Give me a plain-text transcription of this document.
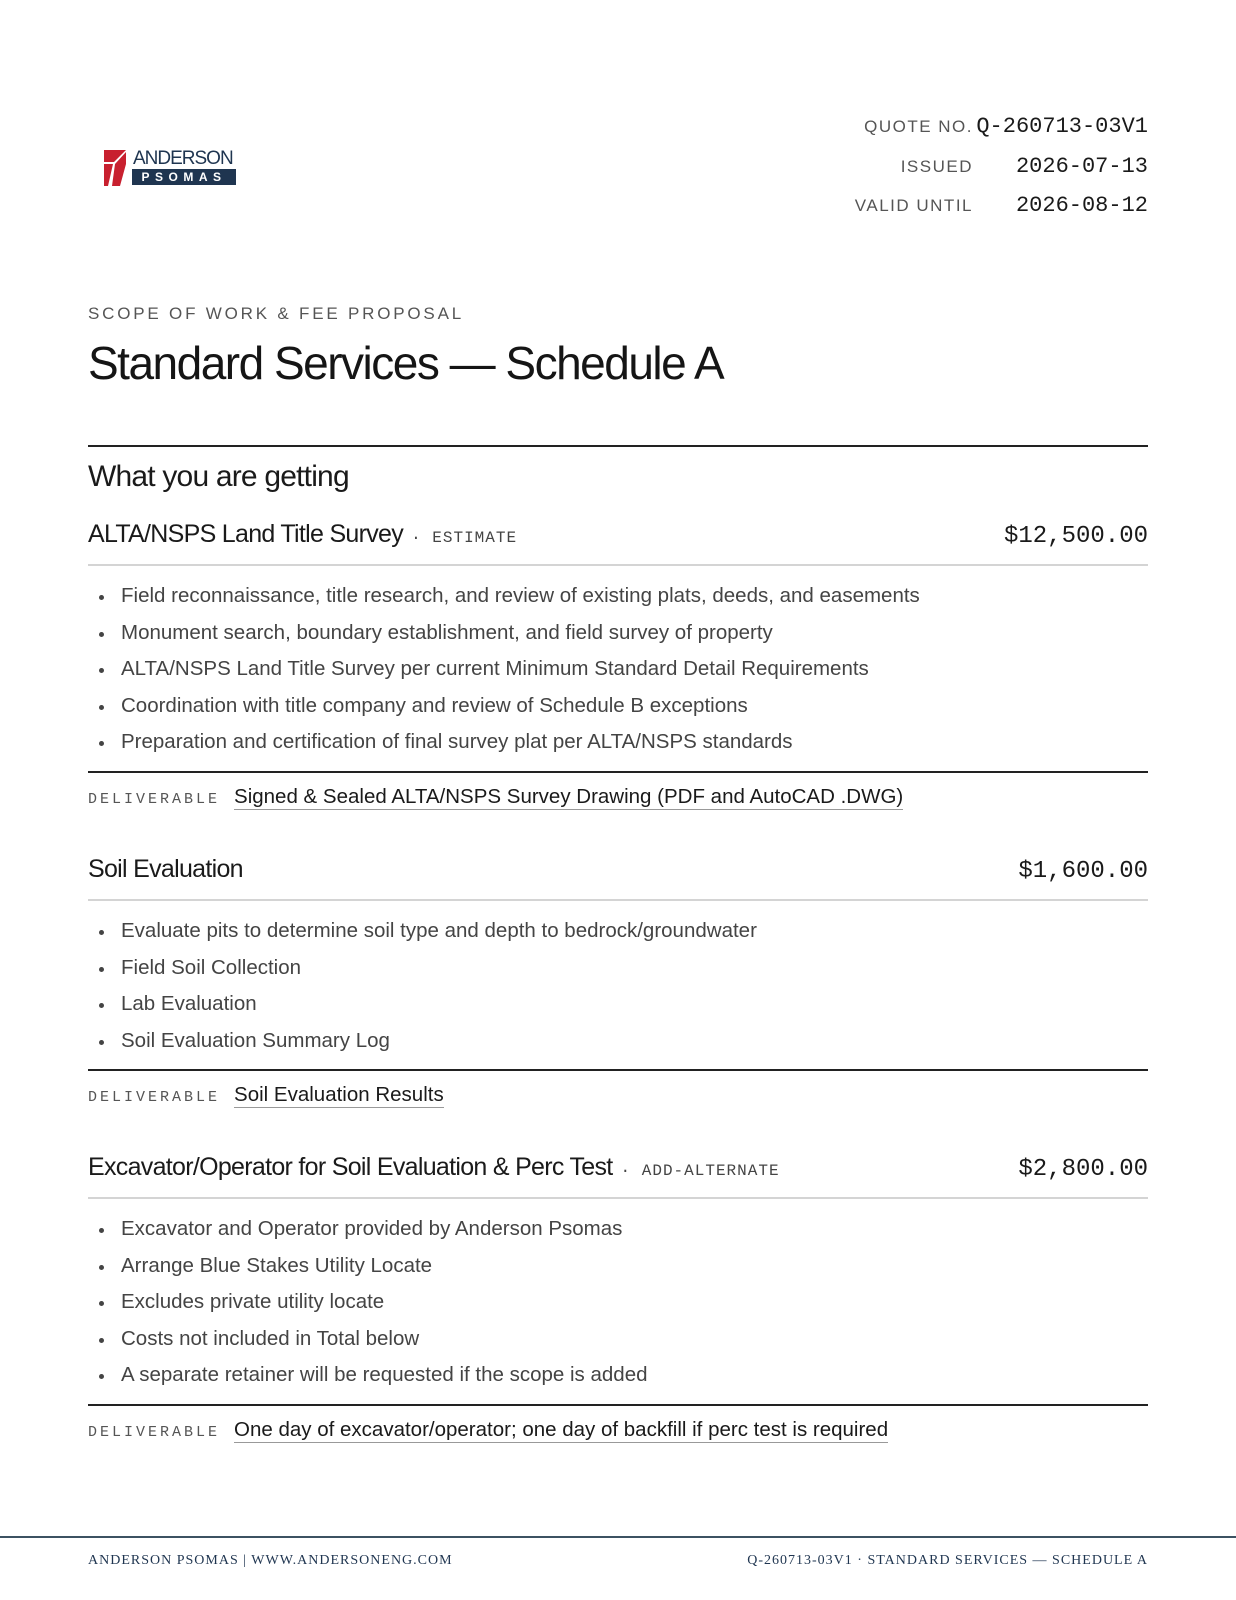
ANDERSON
PSOMAS
QUOTE NO. Q-260713-03V1
ISSUED	2026-07-13
VALID UNTIL	2026-08-12
SCOPE OF WORK & FEE PROPOSAL
Standard Services — Schedule A
What you are getting
ALTA/NSPS Land Title Survey · ESTIMATE	$12,500.00
Field reconnaissance, title research, and review of existing plats, deeds, and easements
Monument search, boundary establishment, and field survey of property
ALTA/NSPS Land Title Survey per current Minimum Standard Detail Requirements
Coordination with title company and review of Schedule B exceptions
Preparation and certification of final survey plat per ALTA/NSPS standards
DELIVERABLE Signed & Sealed ALTA/NSPS Survey Drawing (PDF and AutoCAD .DWG)
Soil Evaluation	$1,600.00
Evaluate pits to determine soil type and depth to bedrock/groundwater
Field Soil Collection
Lab Evaluation
Soil Evaluation Summary Log
DELIVERABLE Soil Evaluation Results
Excavator/Operator for Soil Evaluation & Perc Test · ADD-ALTERNATE	$2,800.00
Excavator and Operator provided by Anderson Psomas
Arrange Blue Stakes Utility Locate
Excludes private utility locate
Costs not included in Total below
A separate retainer will be requested if the scope is added
DELIVERABLE One day of excavator/operator; one day of backfill if perc test is required
ANDERSON PSOMAS | WWW.ANDERSONENG.COM	Q-260713-03V1 · STANDARD SERVICES — SCHEDULE A
